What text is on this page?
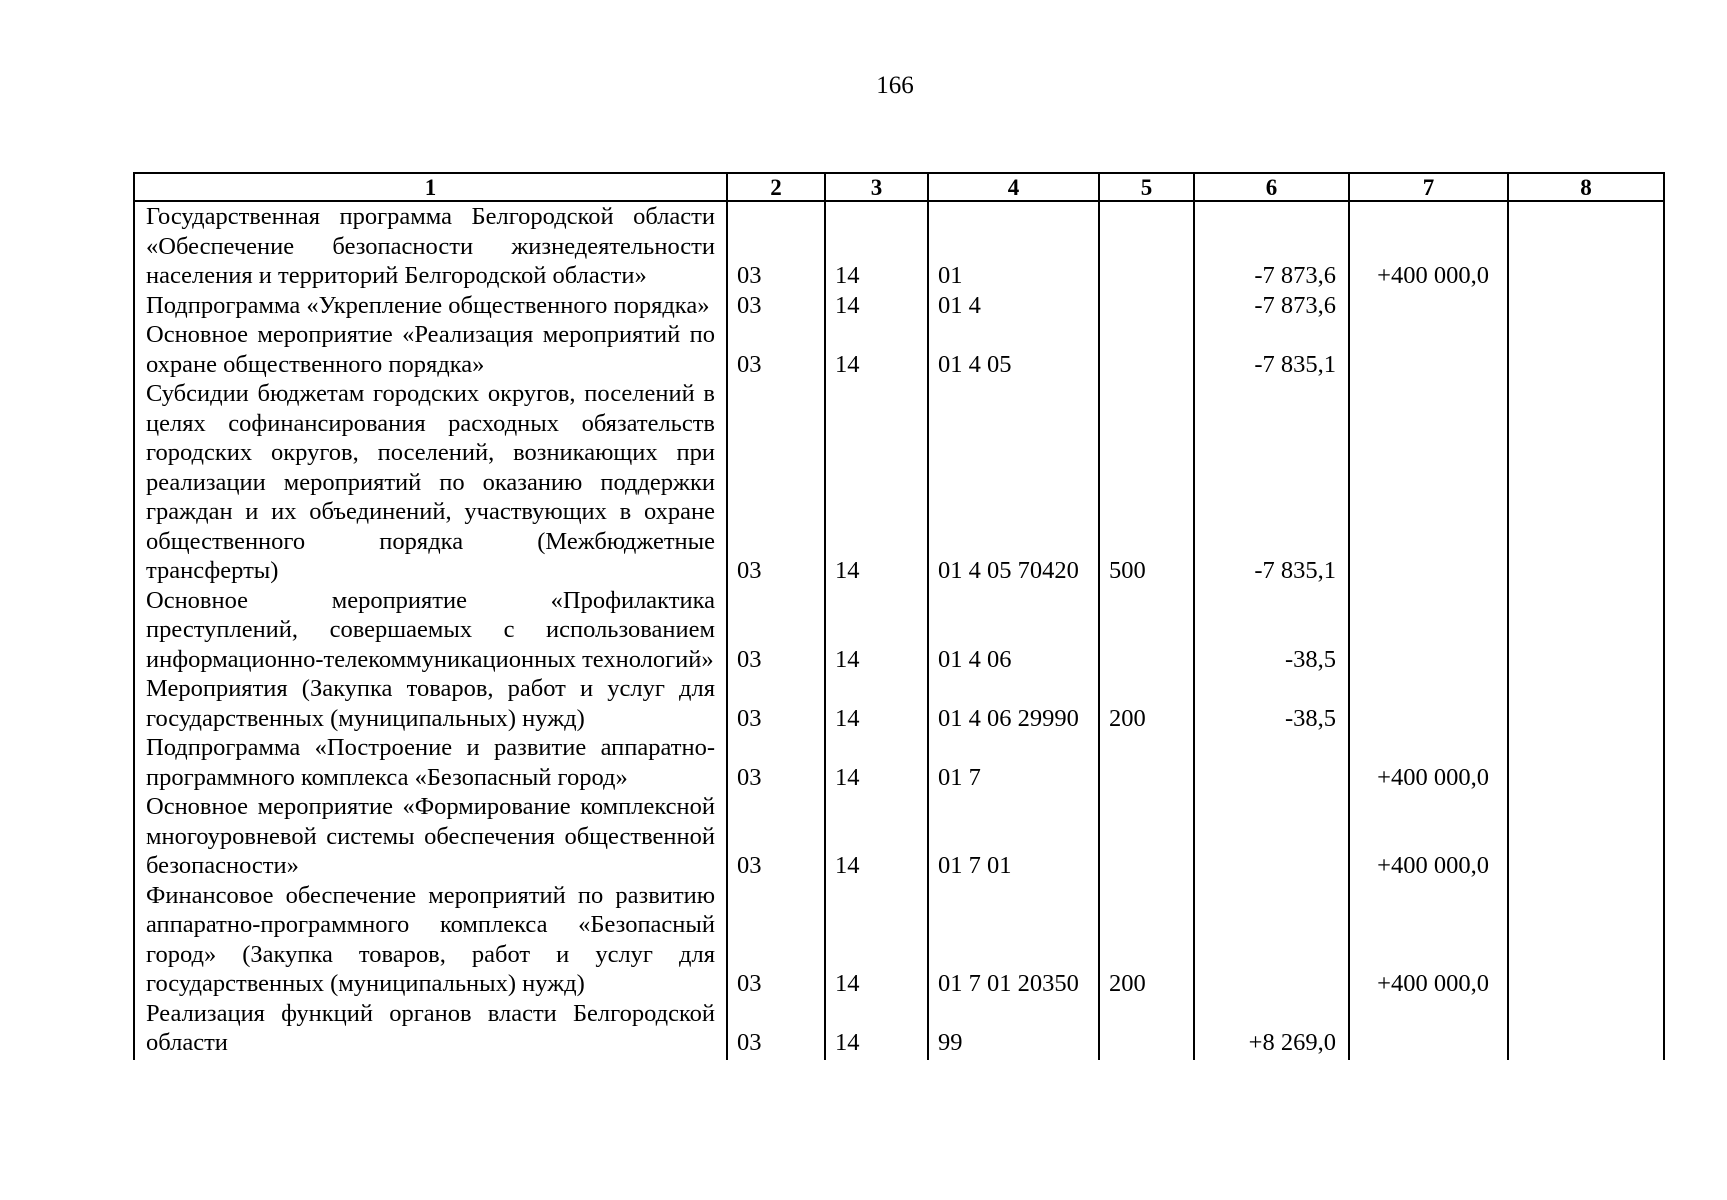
166
1	2	3	4	5	6	7	8
Государственная программа Белгородской области «Обеспечение безопасности жизнедеятельности населения и территорий Белгородской области»	03	14	01		-7 873,6	+400 000,0	
Подпрограмма «Укрепление общественного порядка»	03	14	01 4		-7 873,6		
Основное мероприятие «Реализация мероприятий по охране общественного порядка»	03	14	01 4 05		-7 835,1		
Субсидии бюджетам городских округов, поселений в целях софинансирования расходных обязательств городских округов, поселений, возникающих при реализации мероприятий по оказанию поддержки граждан и их объединений, участвующих в охране общественного порядка (Межбюджетные трансферты)	03	14	01 4 05 70420	500	-7 835,1		
Основное мероприятие «Профилактика преступлений, совершаемых с использованием информационно-телекоммуникационных технологий»	03	14	01 4 06		-38,5		
Мероприятия (Закупка товаров, работ и услуг для государственных (муниципальных) нужд)	03	14	01 4 06 29990	200	-38,5		
Подпрограмма «Построение и развитие аппаратно-программного комплекса «Безопасный город»	03	14	01 7			+400 000,0	
Основное мероприятие «Формирование комплексной многоуровневой системы обеспечения общественной безопасности»	03	14	01 7 01			+400 000,0	
Финансовое обеспечение мероприятий по развитию аппаратно-программного комплекса «Безопасный город» (Закупка товаров, работ и услуг для государственных (муниципальных) нужд)	03	14	01 7 01 20350	200		+400 000,0	
Реализация функций органов власти Белгородской области	03	14	99		+8 269,0		
